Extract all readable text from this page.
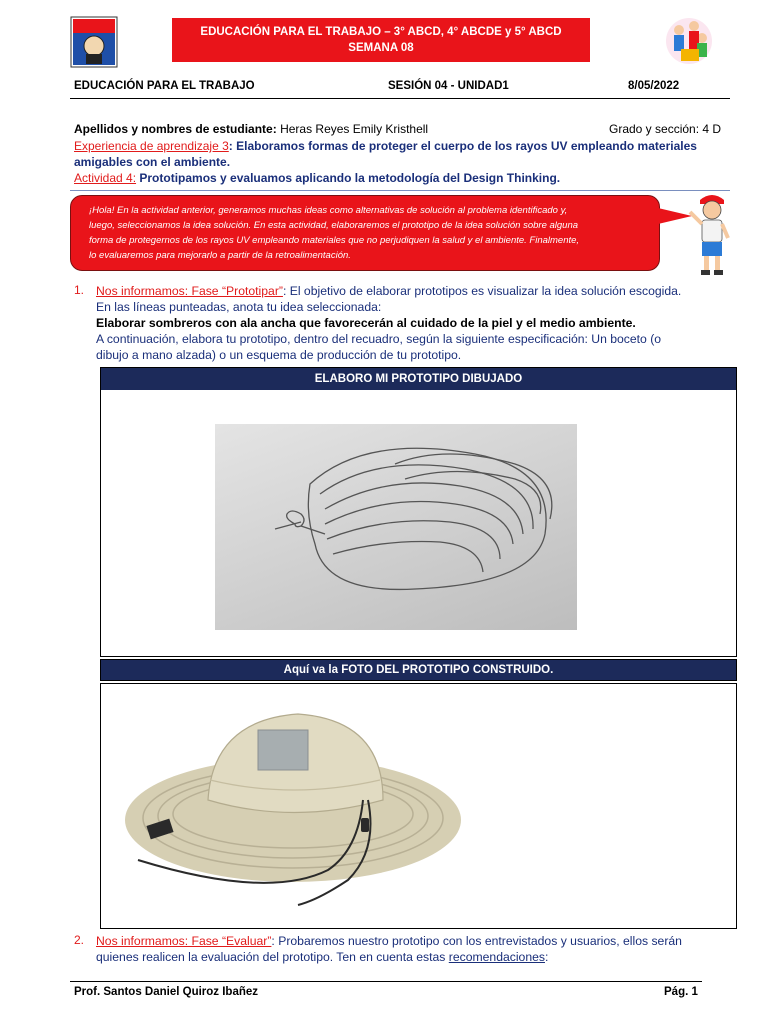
EDUCACIÓN PARA EL TRABAJO – 3° ABCD, 4° ABCDE y 5° ABCD
SEMANA 08
EDUCACIÓN PARA EL TRABAJO	SESIÓN 04 - UNIDAD1	8/05/2022
Apellidos y nombres de estudiante: Heras Reyes Emily Kristhell	Grado y sección: 4 D
Experiencia de aprendizaje 3: Elaboramos formas de proteger el cuerpo de los rayos UV empleando materiales
amigables con el ambiente.
Actividad 4: Prototipamos y evaluamos aplicando la metodología del Design Thinking.
¡Hola! En la actividad anterior, generamos muchas ideas como alternativas de solución al problema identificado y,
luego, seleccionamos la idea solución. En esta actividad, elaboraremos el prototipo de la idea solución sobre alguna
forma de protegernos de los rayos UV empleando materiales que no perjudiquen la salud y el ambiente. Finalmente,
lo evaluaremos para mejorarlo a partir de la retroalimentación.
1. Nos informamos: Fase “Prototipar”: El objetivo de elaborar prototipos es visualizar la idea solución escogida.
En las líneas punteadas, anota tu idea seleccionada:
Elaborar sombreros con ala ancha que favorecerán al cuidado de la piel y el medio ambiente.
A continuación, elabora tu prototipo, dentro del recuadro, según la siguiente especificación: Un boceto (o
dibujo a mano alzada) o un esquema de producción de tu prototipo.
ELABORO MI PROTOTIPO DIBUJADO
Aquí va la FOTO DEL PROTOTIPO CONSTRUIDO.
2. Nos informamos: Fase “Evaluar”: Probaremos nuestro prototipo con los entrevistados y usuarios, ellos serán
quienes realicen la evaluación del prototipo. Ten en cuenta estas recomendaciones:
Prof. Santos Daniel Quiroz Ibañez	Pág. 1
